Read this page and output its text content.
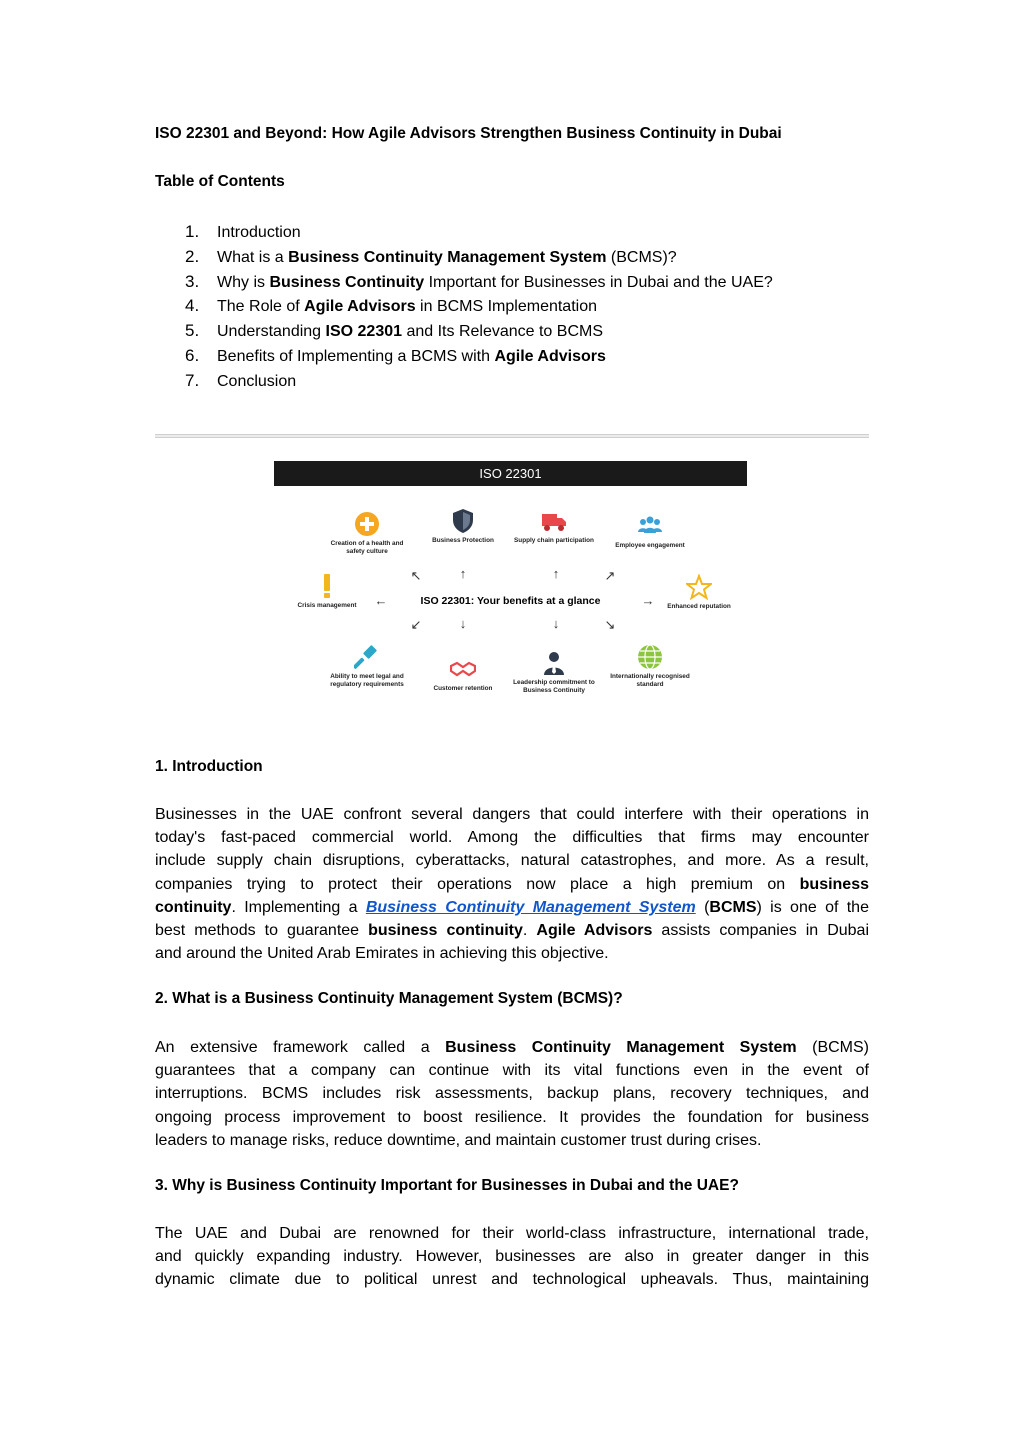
ISO 22301 and Beyond: How Agile Advisors Strengthen Business Continuity in Dubai
Table of Contents
1. Introduction
2. What is a Business Continuity Management System (BCMS)?
3. Why is Business Continuity Important for Businesses in Dubai and the UAE?
4. The Role of Agile Advisors in BCMS Implementation
5. Understanding ISO 22301 and Its Relevance to BCMS
6. Benefits of Implementing a BCMS with Agile Advisors
7. Conclusion
ISO 22301
Creation of a health and safety culture
Business Protection	Supply chain participation
Employee engagement
Crisis management	Enhanced reputation
↖	↑	↑	↗
←	→
↙	↓	↓	↘
ISO 22301: Your benefits at a glance
Ability to meet legal and regulatory requirements
Customer retention
Leadership commitment to Business Continuity
Internationally recognised standard
1. Introduction
Businesses in the UAE confront several dangers that could interfere with their operations in
today's fast-paced commercial world. Among the difficulties that firms may encounter
include supply chain disruptions, cyberattacks, natural catastrophes, and more. As a result,
companies trying to protect their operations now place a high premium on business
continuity. Implementing a Business Continuity Management System (BCMS) is one of the
best methods to guarantee business continuity. Agile Advisors assists companies in Dubai
and around the United Arab Emirates in achieving this objective.
2. What is a Business Continuity Management System (BCMS)?
An extensive framework called a Business Continuity Management System (BCMS)
guarantees that a company can continue with its vital functions even in the event of
interruptions. BCMS includes risk assessments, backup plans, recovery techniques, and
ongoing process improvement to boost resilience. It provides the foundation for business
leaders to manage risks, reduce downtime, and maintain customer trust during crises.
3. Why is Business Continuity Important for Businesses in Dubai and the UAE?
The UAE and Dubai are renowned for their world-class infrastructure, international trade,
and quickly expanding industry. However, businesses are also in greater danger in this
dynamic climate due to political unrest and technological upheavals. Thus, maintaining
